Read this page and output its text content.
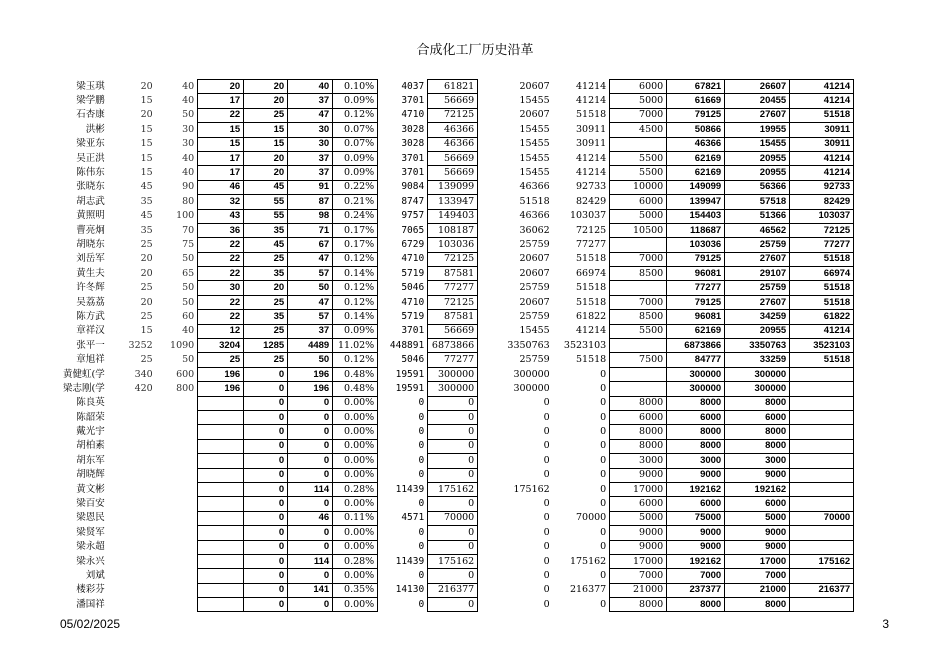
合成化工厂历史沿革
梁玉琪	20	40	20	20	40	0.10%	4037	61821	20607	41214	6000	67821	26607	41214
梁学鹏	15	40	17	20	37	0.09%	3701	56669	15455	41214	5000	61669	20455	41214
石杏康	20	50	22	25	47	0.12%	4710	72125	20607	51518	7000	79125	27607	51518
洪彬	15	30	15	15	30	0.07%	3028	46366	15455	30911	4500	50866	19955	30911
梁亚东	15	30	15	15	30	0.07%	3028	46366	15455	30911		46366	15455	30911
吴正洪	15	40	17	20	37	0.09%	3701	56669	15455	41214	5500	62169	20955	41214
陈伟东	15	40	17	20	37	0.09%	3701	56669	15455	41214	5500	62169	20955	41214
张晓东	45	90	46	45	91	0.22%	9084	139099	46366	92733	10000	149099	56366	92733
胡志武	35	80	32	55	87	0.21%	8747	133947	51518	82429	6000	139947	57518	82429
黄照明	45	100	43	55	98	0.24%	9757	149403	46366	103037	5000	154403	51366	103037
曹亮炯	35	70	36	35	71	0.17%	7065	108187	36062	72125	10500	118687	46562	72125
胡晓东	25	75	22	45	67	0.17%	6729	103036	25759	77277		103036	25759	77277
刘岳军	20	50	22	25	47	0.12%	4710	72125	20607	51518	7000	79125	27607	51518
黄生夫	20	65	22	35	57	0.14%	5719	87581	20607	66974	8500	96081	29107	66974
许冬辉	25	50	30	20	50	0.12%	5046	77277	25759	51518		77277	25759	51518
吴荔荔	20	50	22	25	47	0.12%	4710	72125	20607	51518	7000	79125	27607	51518
陈方武	25	60	22	35	57	0.14%	5719	87581	25759	61822	8500	96081	34259	61822
章祥汉	15	40	12	25	37	0.09%	3701	56669	15455	41214	5500	62169	20955	41214
张平一	3252	1090	3204	1285	4489	11.02%	448891	6873866	3350763	3523103		6873866	3350763	3523103
章旭祥	25	50	25	25	50	0.12%	5046	77277	25759	51518	7500	84777	33259	51518
黄健虹(学	340	600	196	0	196	0.48%	19591	300000	300000	0		300000	300000	
梁志刚(学	420	800	196	0	196	0.48%	19591	300000	300000	0		300000	300000	
陈良英				0	0	0.00%	0	0	0	0	8000	8000	8000	
陈韶荣				0	0	0.00%	0	0	0	0	6000	6000	6000	
戴光宇				0	0	0.00%	0	0	0	0	8000	8000	8000	
胡柏素				0	0	0.00%	0	0	0	0	8000	8000	8000	
胡东军				0	0	0.00%	0	0	0	0	3000	3000	3000	
胡晓辉				0	0	0.00%	0	0	0	0	9000	9000	9000	
黄文彬				0	114	0.28%	11439	175162	175162	0	17000	192162	192162	
梁百安				0	0	0.00%	0	0	0	0	6000	6000	6000	
梁恩民				0	46	0.11%	4571	70000	0	70000	5000	75000	5000	70000
梁贤军				0	0	0.00%	0	0	0	0	9000	9000	9000	
梁永超				0	0	0.00%	0	0	0	0	9000	9000	9000	
梁永兴				0	114	0.28%	11439	175162	0	175162	17000	192162	17000	175162
刘斌				0	0	0.00%	0	0	0	0	7000	7000	7000	
楼彩芬				0	141	0.35%	14130	216377	0	216377	21000	237377	21000	216377
潘国祥				0	0	0.00%	0	0	0	0	8000	8000	8000	
05/02/2025	3
